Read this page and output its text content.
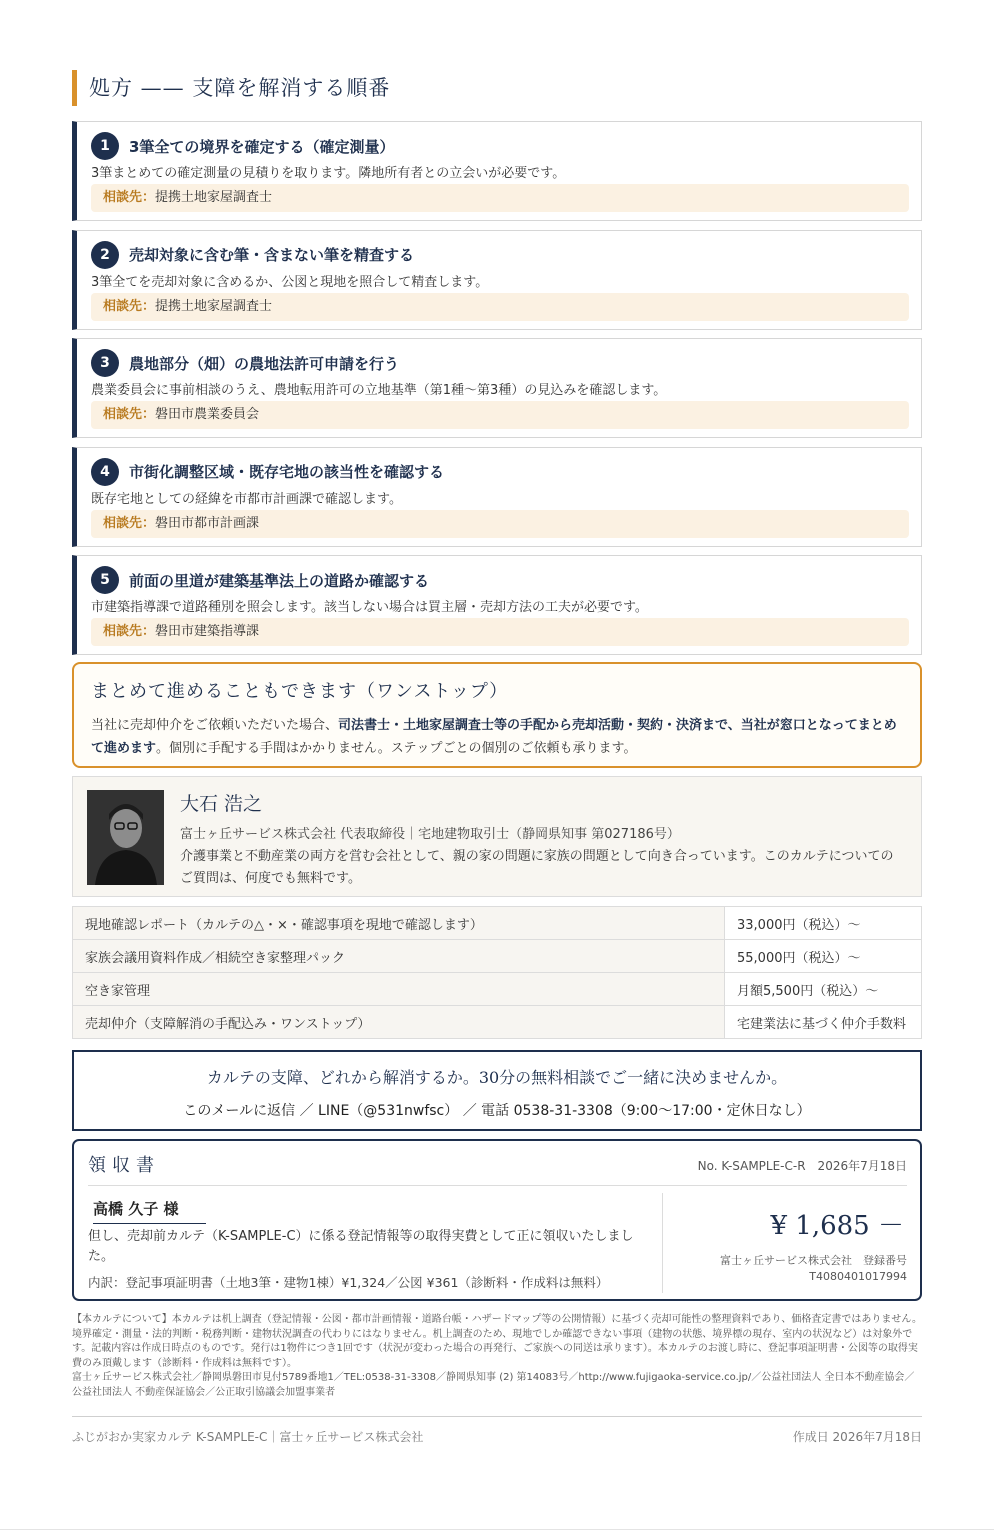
処方 —— 支障を解消する順番
1	3筆全ての境界を確定する（確定測量）
3筆まとめての確定測量の見積りを取ります。隣地所有者との立会いが必要です。
相談先：提携土地家屋調査士
2	売却対象に含む筆・含まない筆を精査する
3筆全てを売却対象に含めるか、公図と現地を照合して精査します。
相談先：提携土地家屋調査士
3	農地部分（畑）の農地法許可申請を行う
農業委員会に事前相談のうえ、農地転用許可の立地基準（第1種〜第3種）の見込みを確認します。
相談先：磐田市農業委員会
4	市街化調整区域・既存宅地の該当性を確認する
既存宅地としての経緯を市都市計画課で確認します。
相談先：磐田市都市計画課
5	前面の里道が建築基準法上の道路か確認する
市建築指導課で道路種別を照会します。該当しない場合は買主層・売却方法の工夫が必要です。
相談先：磐田市建築指導課
まとめて進めることもできます（ワンストップ）
当社に売却仲介をご依頼いただいた場合、司法書士・土地家屋調査士等の手配から売却活動・契約・決済まで、当社が窓口となってまとめて進めます。個別に手配する手間はかかりません。ステップごとの個別のご依頼も承ります。
大石 浩之
富士ヶ丘サービス株式会社 代表取締役｜宅地建物取引士（静岡県知事 第027186号）
介護事業と不動産業の両方を営む会社として、親の家の問題に家族の問題として向き合っています。このカルテについてのご質問は、何度でも無料です。
現地確認レポート（カルテの△・×・確認事項を現地で確認します）	33,000円（税込）〜
家族会議用資料作成／相続空き家整理パック	55,000円（税込）〜
空き家管理	月額5,500円（税込）〜
売却仲介（支障解消の手配込み・ワンストップ）	宅建業法に基づく仲介手数料
カルテの支障、どれから解消するか。30分の無料相談でご一緒に決めませんか。
このメールに返信 ／ LINE（@531nwfsc） ／ 電話 0538-31-3308（9:00〜17:00・定休日なし）
領収書	No. K-SAMPLE-C-R　2026年7月18日
高橋 久子 様
但し、売却前カルテ（K-SAMPLE-C）に係る登記情報等の取得実費として正に領収いたしました。
内訳：登記事項証明書（土地3筆・建物1棟）¥1,324／公図 ¥361（診断料・作成料は無料）
¥ 1,685 －
富士ヶ丘サービス株式会社　登録番号
T4080401017994
【本カルテについて】本カルテは机上調査（登記情報・公図・都市計画情報・道路台帳・ハザードマップ等の公開情報）に基づく売却可能性の整理資料であり、価格査定書ではありません。境界確定・測量・法的判断・税務判断・建物状況調査の代わりにはなりません。机上調査のため、現地でしか確認できない事項（建物の状態、境界標の現存、室内の状況など）は対象外です。記載内容は作成日時点のものです。発行は1物件につき1回です（状況が変わった場合の再発行、ご家族への同送は承ります）。本カルテのお渡し時に、登記事項証明書・公図等の取得実費のみ頂戴します（診断料・作成料は無料です）。
富士ヶ丘サービス株式会社／静岡県磐田市見付5789番地1／TEL:0538-31-3308／静岡県知事 (2) 第14083号／http://www.fujigaoka-service.co.jp/／公益社団法人 全日本不動産協会／公益社団法人 不動産保証協会／公正取引協議会加盟事業者
ふじがおか実家カルテ K-SAMPLE-C｜富士ヶ丘サービス株式会社	作成日 2026年7月18日
